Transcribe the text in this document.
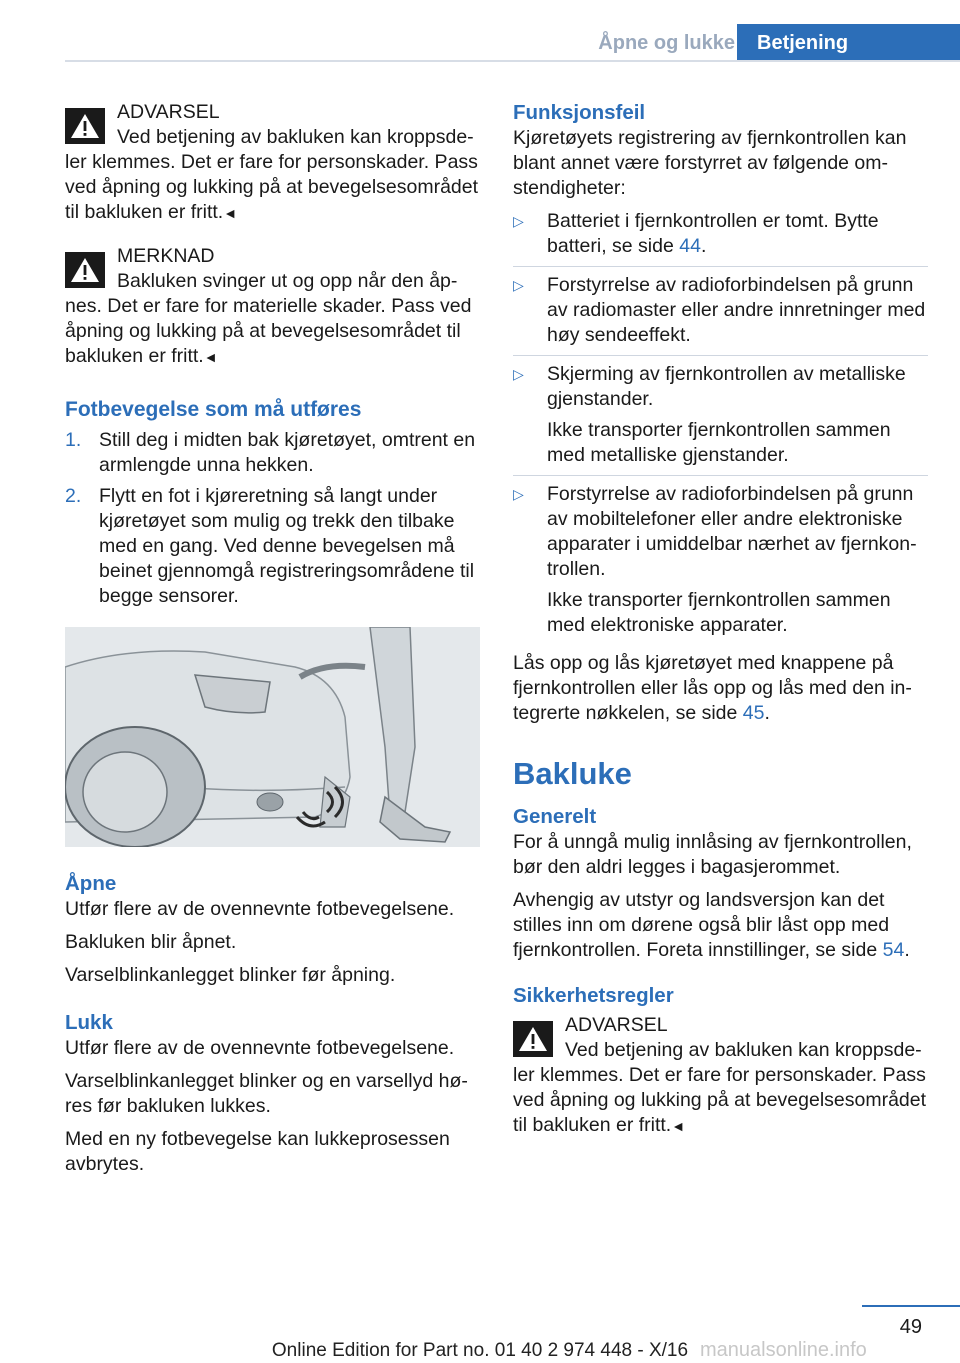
Åpne og lukke	Betjening
ADVARSEL
Ved betjening av bakluken kan kroppsdeler klemmes. Det er fare for personskader. Pass ved åpning og lukking på at bevegelsesområdet til bakluken er fritt.◄
MERKNAD
Bakluken svinger ut og opp når den åpnes. Det er fare for materielle skader. Pass ved åpning og lukking på at bevegelsesområdet til bakluken er fritt.◄

Fotbevegelse som må utføres

1. Still deg i midten bak kjøretøyet, omtrent en armlengde unna hekken.
2. Flytt en fot i kjøreretning så langt under kjøretøyet som mulig og trekk den tilbake med en gang. Ved denne bevegelsen må beinet gjennomgå registreringsområdene til begge sensorer.

Åpne

Utfør flere av de ovennevnte fotbevegelsene.

Bakluken blir åpnet.

Varselblinkanlegget blinker før åpning.

Lukk

Utfør flere av de ovennevnte fotbevegelsene.

Varselblinkanlegget blinker og en varsellyd høres før bakluken lukkes.

Med en ny fotbevegelse kan lukkeprosessen avbrytes.

Funksjonsfeil

Kjøretøyets registrering av fjernkontrollen kan blant annet være forstyrret av følgende omstendigheter:

▷ Batteriet i fjernkontrollen er tomt. Bytte batteri, se side 44.
▷ Forstyrrelse av radioforbindelsen på grunn av radiomaster eller andre innretninger med høy sendeeffekt.
▷ Skjerming av fjernkontrollen av metalliske gjenstander.

Ikke transporter fjernkontrollen sammen med metalliske gjenstander.

▷ Forstyrrelse av radioforbindelsen på grunn av mobiltelefoner eller andre elektroniske apparater i umiddelbar nærhet av fjernkontrollen.

Ikke transporter fjernkontrollen sammen med elektroniske apparater.

Lås opp og lås kjøretøyet med knappene på fjernkontrollen eller lås opp og lås med den integrerte nøkkelen, se side 45.

Bakluke

Generelt

For å unngå mulig innlåsing av fjernkontrollen, bør den aldri legges i bagasjerommet.

Avhengig av utstyr og landsversjon kan det stilles inn om dørene også blir låst opp med fjernkontrollen. Foreta innstillinger, se side 54.

Sikkerhetsregler

ADVARSEL
Ved betjening av bakluken kan kroppsdeler klemmes. Det er fare for personskader. Pass ved åpning og lukking på at bevegelsesområdet til bakluken er fritt.◄
49
Online Edition for Part no. 01 40 2 974 448 - X/16 manualsonline.info
